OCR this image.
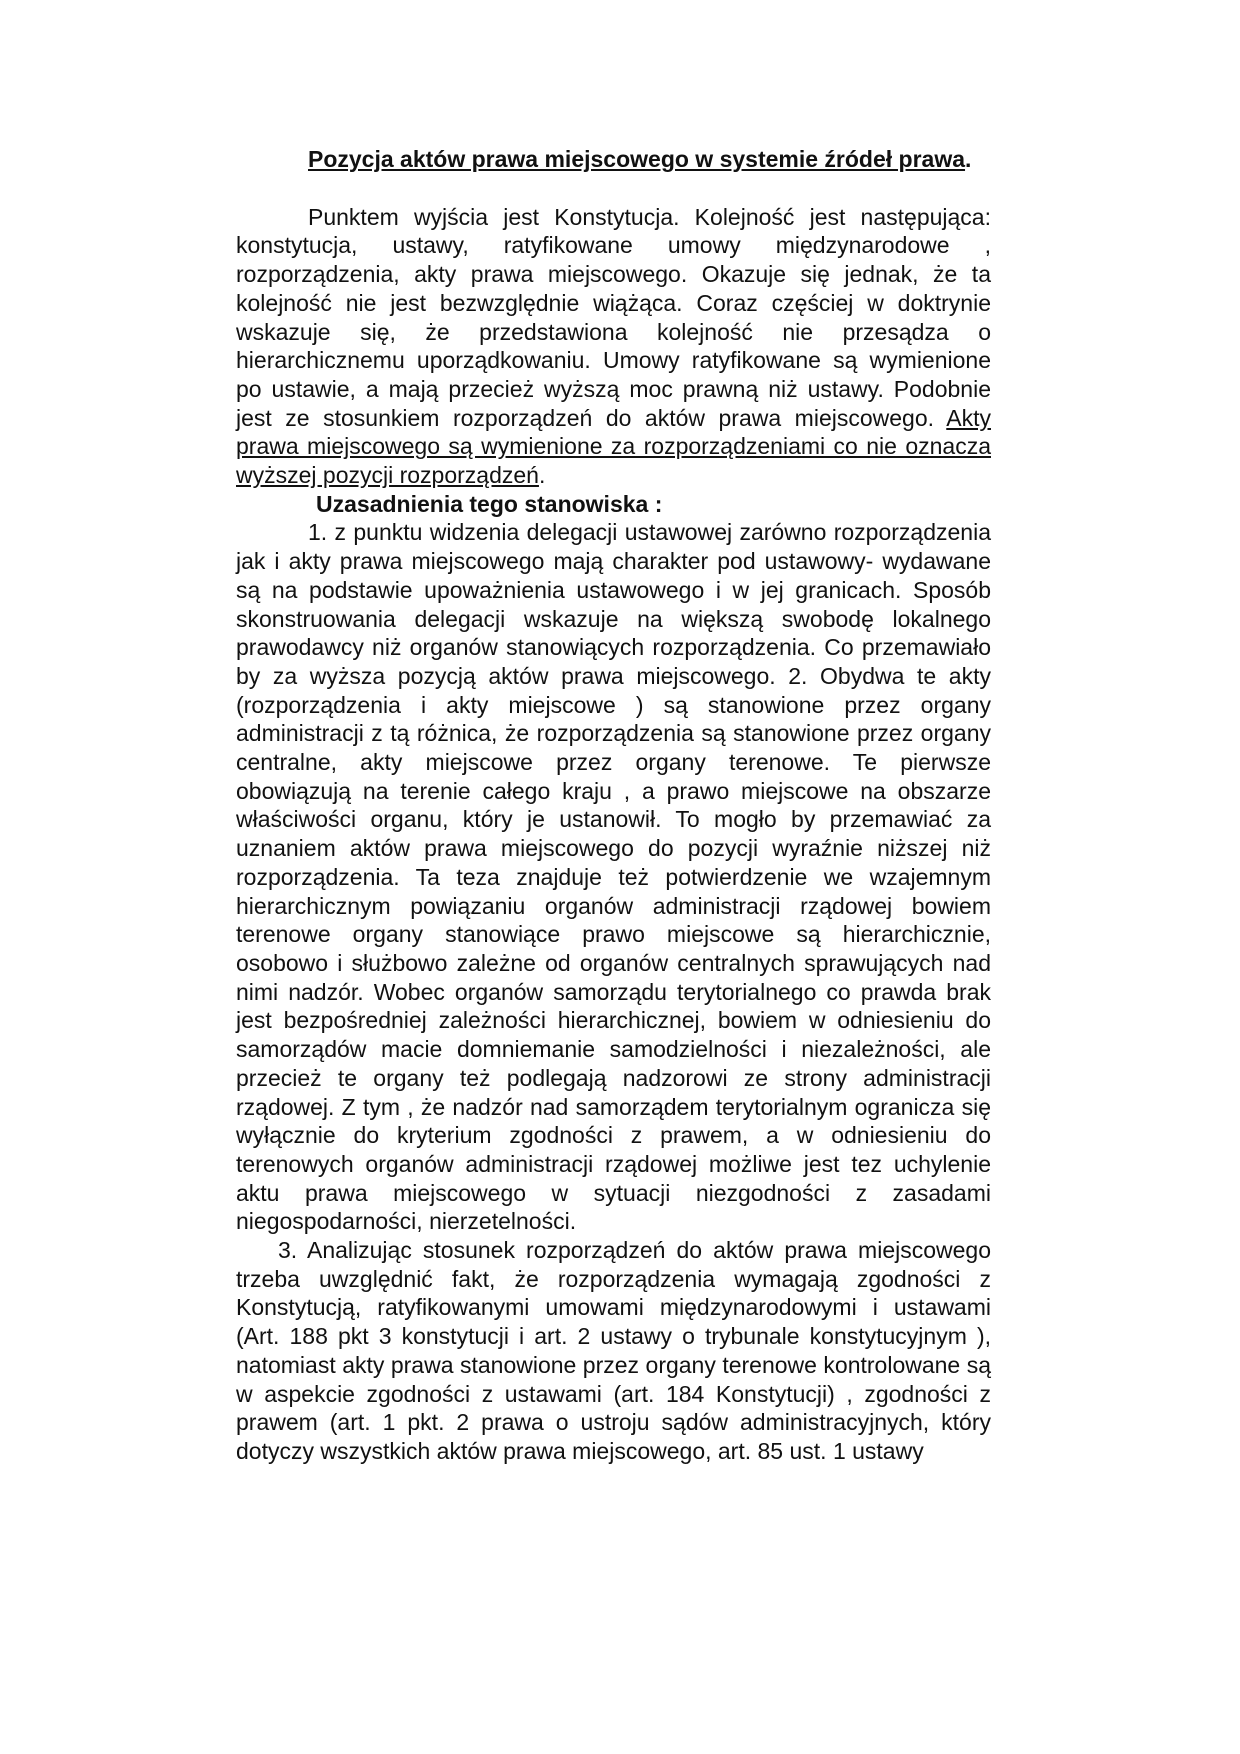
Pozycja aktów prawa miejscowego w systemie źródeł prawa.

Punktem wyjścia jest Konstytucja. Kolejność jest następująca: konstytucja, ustawy, ratyfikowane umowy międzynarodowe , rozporządzenia, akty prawa miejscowego. Okazuje się jednak, że ta kolejność nie jest bezwzględnie wiążąca. Coraz częściej w doktrynie wskazuje się, że przedstawiona kolejność nie przesądza o hierarchicznemu uporządkowaniu. Umowy ratyfikowane są wymienione po ustawie, a mają przecież wyższą moc prawną niż ustawy. Podobnie jest ze stosunkiem rozporządzeń do aktów prawa miejscowego. Akty prawa miejscowego są wymienione za rozporządzeniami co nie oznacza wyższej pozycji rozporządzeń.

Uzasadnienia tego stanowiska :

1. z punktu widzenia delegacji ustawowej zarówno rozporządzenia jak i akty prawa miejscowego mają charakter pod ustawowy- wydawane są na podstawie upoważnienia ustawowego i w jej granicach. Sposób skonstruowania delegacji wskazuje na większą swobodę lokalnego prawodawcy niż organów stanowiących rozporządzenia. Co przemawiało by za wyższa pozycją aktów prawa miejscowego. 2. Obydwa te akty (rozporządzenia i akty miejscowe ) są stanowione przez organy administracji z tą różnica, że rozporządzenia są stanowione przez organy centralne, akty miejscowe przez organy terenowe. Te pierwsze obowiązują na terenie całego kraju , a prawo miejscowe na obszarze właściwości organu, który je ustanowił. To mogło by przemawiać za uznaniem aktów prawa miejscowego do pozycji wyraźnie niższej niż rozporządzenia. Ta teza znajduje też potwierdzenie we wzajemnym hierarchicznym powiązaniu organów administracji rządowej bowiem terenowe organy stanowiące prawo miejscowe są hierarchicznie, osobowo i służbowo zależne od organów centralnych sprawujących nad nimi nadzór. Wobec organów samorządu terytorialnego co prawda brak jest bezpośredniej zależności hierarchicznej, bowiem w odniesieniu do samorządów macie domniemanie samodzielności i niezależności, ale przecież te organy też podlegają nadzorowi ze strony administracji rządowej. Z tym , że nadzór nad samorządem terytorialnym ogranicza się wyłącznie do kryterium zgodności z prawem, a w odniesieniu do terenowych organów administracji rządowej możliwe jest tez uchylenie aktu prawa miejscowego w sytuacji niezgodności z zasadami niegospodarności, nierzetelności.

3. Analizując stosunek rozporządzeń do aktów prawa miejscowego trzeba uwzględnić fakt, że rozporządzenia wymagają zgodności z Konstytucją, ratyfikowanymi umowami międzynarodowymi i ustawami (Art. 188 pkt 3 konstytucji i art. 2 ustawy o trybunale konstytucyjnym ), natomiast akty prawa stanowione przez organy terenowe kontrolowane są w aspekcie zgodności z ustawami (art. 184 Konstytucji) , zgodności z prawem (art. 1 pkt. 2 prawa o ustroju sądów administracyjnych, który dotyczy wszystkich aktów prawa miejscowego, art. 85 ust. 1 ustawy
